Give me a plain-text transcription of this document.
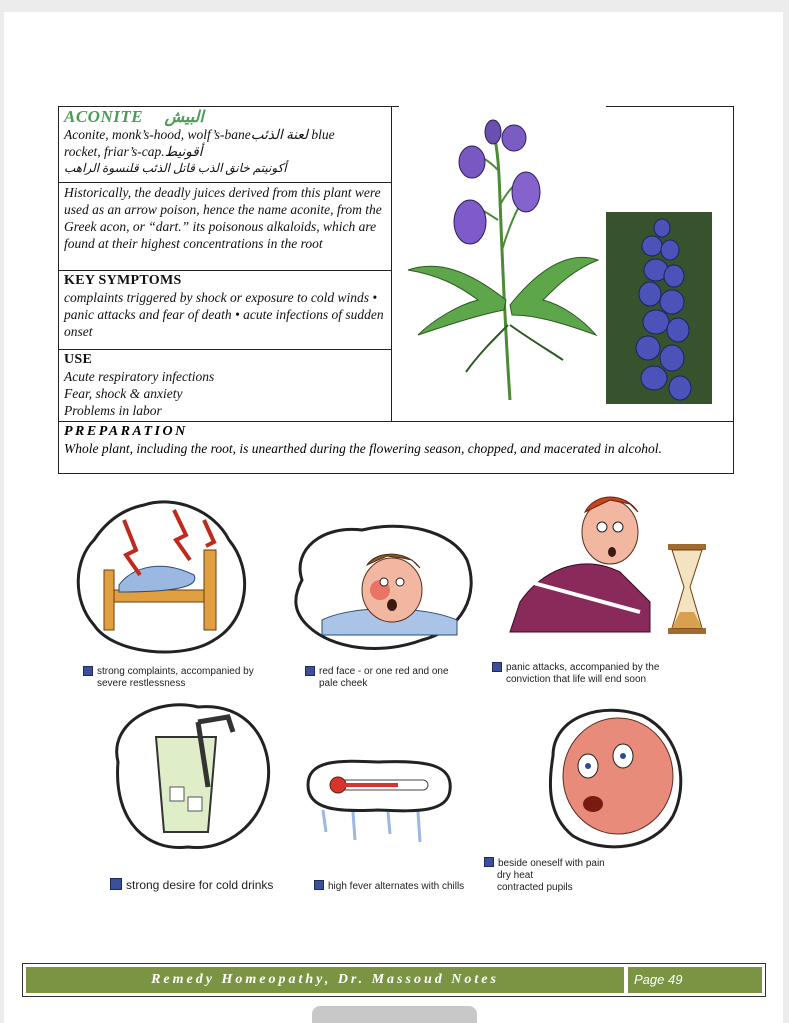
ACONITE البيش
Aconite, monk’s-hood, wolf’s-baneلعنة الذئب blue
rocket, friar’s-cap.أقونيط
أكونيتم خانق الذب قاتل الذئب قلنسوة الراهب
Historically, the deadly juices derived from this plant were used as an arrow poison, hence the name aconite, from the Greek acon, or “dart.” its poisonous alkaloids, which are found at their highest concentrations in the root
KEY SYMPTOMS
complaints triggered by shock or exposure to cold winds • panic attacks and fear of death • acute infections of sudden onset
USE
Acute respiratory infections
Fear, shock & anxiety
Problems in labor
PREPARATION
Whole plant, including the root, is unearthed during the flowering season, chopped, and macerated in alcohol.
strong complaints, accompanied by severe restlessness
red face - or one red and one pale cheek
panic attacks, accompanied by the conviction that life will end soon
strong desire for cold drinks	high fever alternates with chills
beside oneself with pain
dry heat
contracted pupils
Remedy Homeopathy, Dr. Massoud Notes	Page 49
